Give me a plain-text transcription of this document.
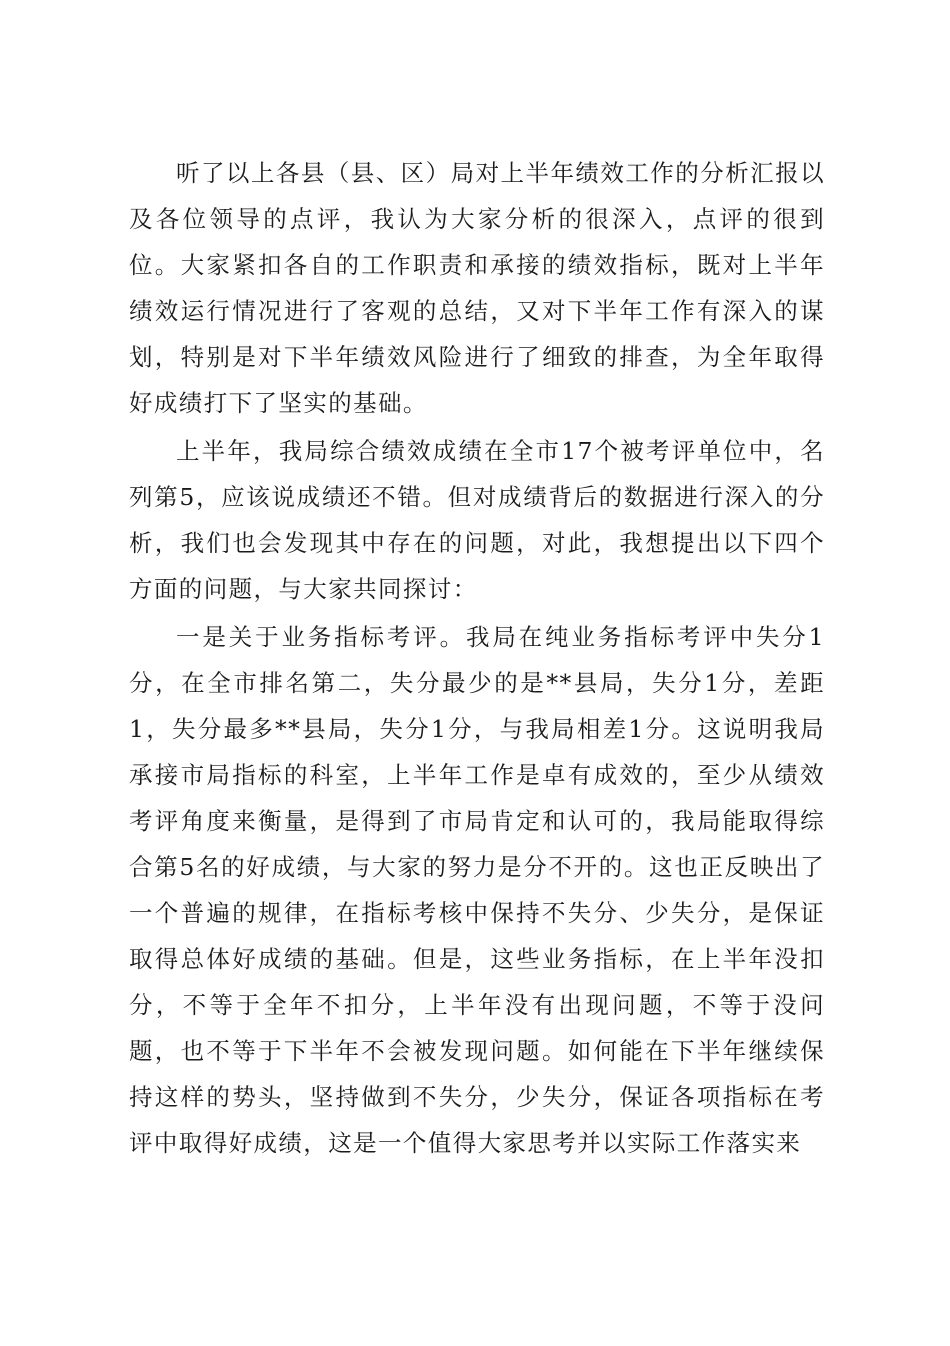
听了以上各县（县、区）局对上半年绩效工作的分析汇报以及各位领导的点评，我认为大家分析的很深入，点评的很到位。大家紧扣各自的工作职责和承接的绩效指标，既对上半年绩效运行情况进行了客观的总结，又对下半年工作有深入的谋划，特别是对下半年绩效风险进行了细致的排查，为全年取得好成绩打下了坚实的基础。

上半年，我局综合绩效成绩在全市17个被考评单位中，名列第5，应该说成绩还不错。但对成绩背后的数据进行深入的分析，我们也会发现其中存在的问题，对此，我想提出以下四个方面的问题，与大家共同探讨：

一是关于业务指标考评。我局在纯业务指标考评中失分1分，在全市排名第二，失分最少的是**县局，失分1分，差距1，失分最多**县局，失分1分，与我局相差1分。这说明我局承接市局指标的科室，上半年工作是卓有成效的，至少从绩效考评角度来衡量，是得到了市局肯定和认可的，我局能取得综合第5名的好成绩，与大家的努力是分不开的。这也正反映出了一个普遍的规律，在指标考核中保持不失分、少失分，是保证取得总体好成绩的基础。但是，这些业务指标，在上半年没扣分，不等于全年不扣分，上半年没有出现问题，不等于没问题，也不等于下半年不会被发现问题。如何能在下半年继续保持这样的势头，坚持做到不失分，少失分，保证各项指标在考评中取得好成绩，这是一个值得大家思考并以实际工作落实来
